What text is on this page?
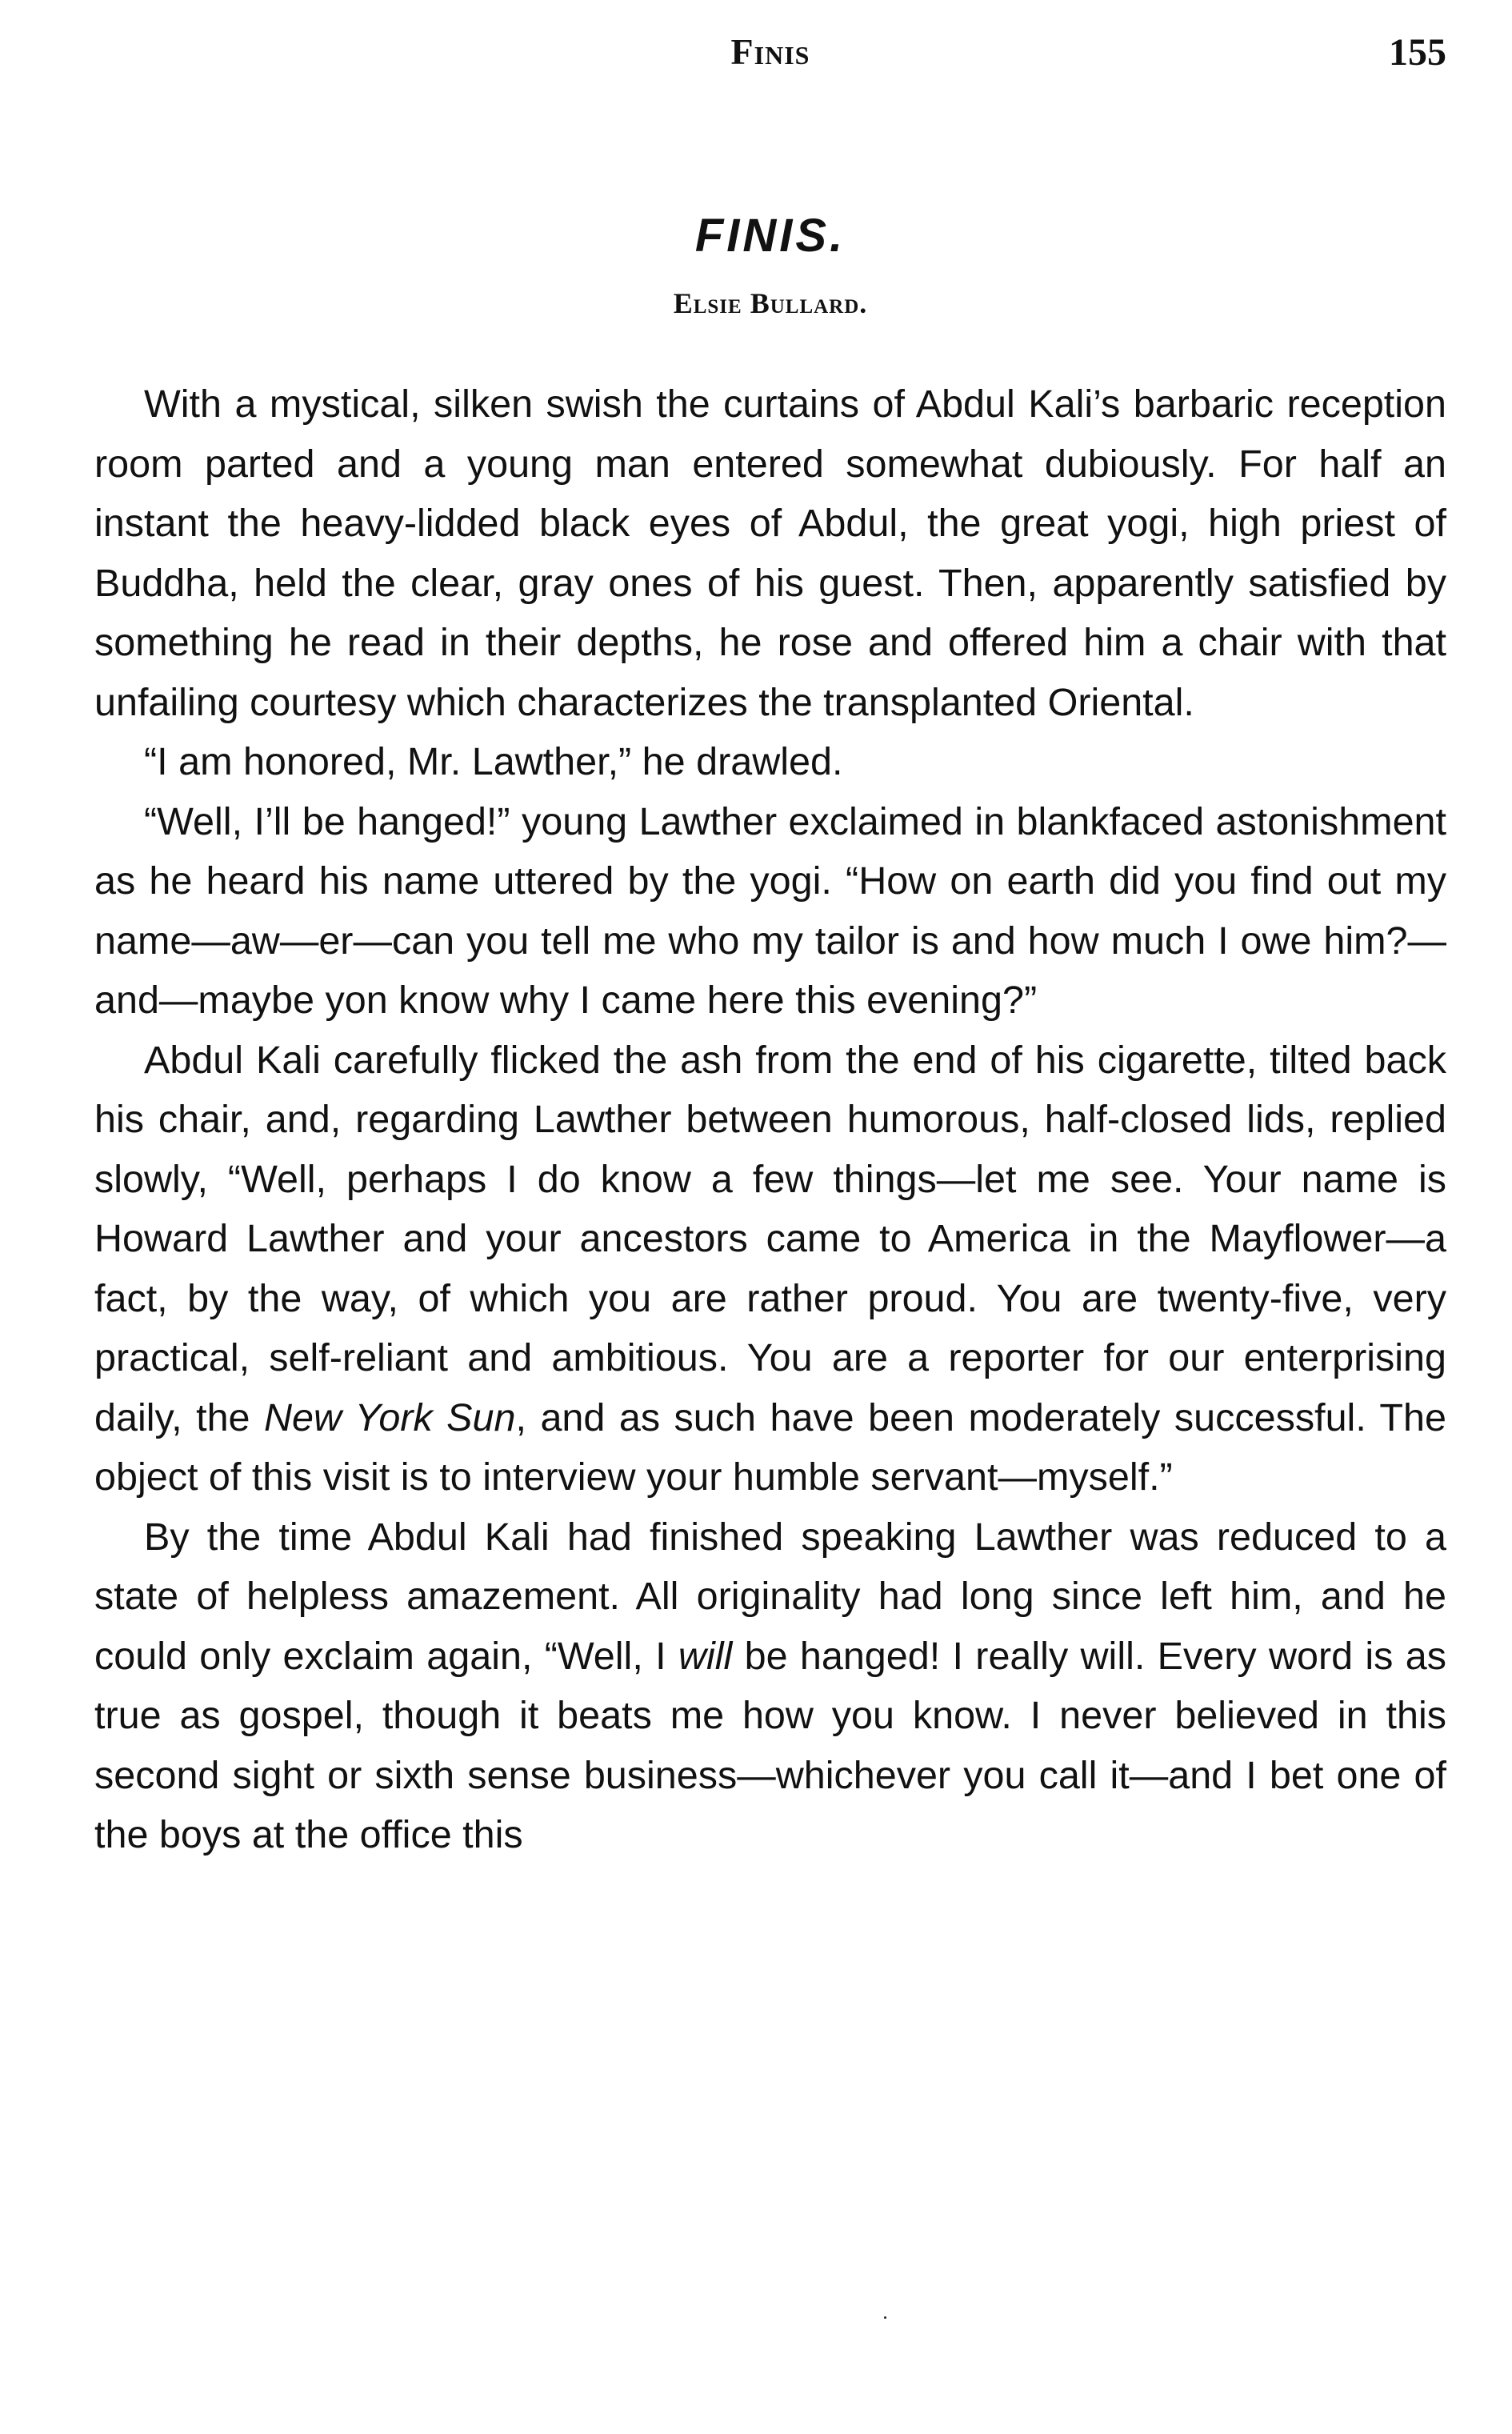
Finis	155
FINIS.
Elsie Bullard.

With a mystical, silken swish the curtains of Abdul Kali’s barbaric reception room parted and a young man entered somewhat dubiously. For half an instant the heavy-lidded black eyes of Abdul, the great yogi, high priest of Buddha, held the clear, gray ones of his guest. Then, apparently satisfied by something he read in their depths, he rose and offered him a chair with that unfailing courtesy which characterizes the transplanted Oriental.

“I am honored, Mr. Lawther,” he drawled.

“Well, I’ll be hanged!” young Lawther exclaimed in blankfaced astonishment as he heard his name uttered by the yogi. “How on earth did you find out my name—aw—er—can you tell me who my tailor is and how much I owe him?—and—maybe yon know why I came here this evening?”

Abdul Kali carefully flicked the ash from the end of his cigarette, tilted back his chair, and, regarding Lawther between humorous, half-closed lids, replied slowly, “Well, perhaps I do know a few things—let me see. Your name is Howard Lawther and your ancestors came to America in the Mayflower—a fact, by the way, of which you are rather proud. You are twenty-five, very practical, self-reliant and ambitious. You are a reporter for our enterprising daily, the New York Sun, and as such have been moderately successful. The object of this visit is to interview your humble servant—myself.”

By the time Abdul Kali had finished speaking Lawther was reduced to a state of helpless amazement. All originality had long since left him, and he could only exclaim again, “Well, I will be hanged! I really will. Every word is as true as gospel, though it beats me how you know. I never believed in this second sight or sixth sense business—whichever you call it—and I bet one of the boys at the office this
